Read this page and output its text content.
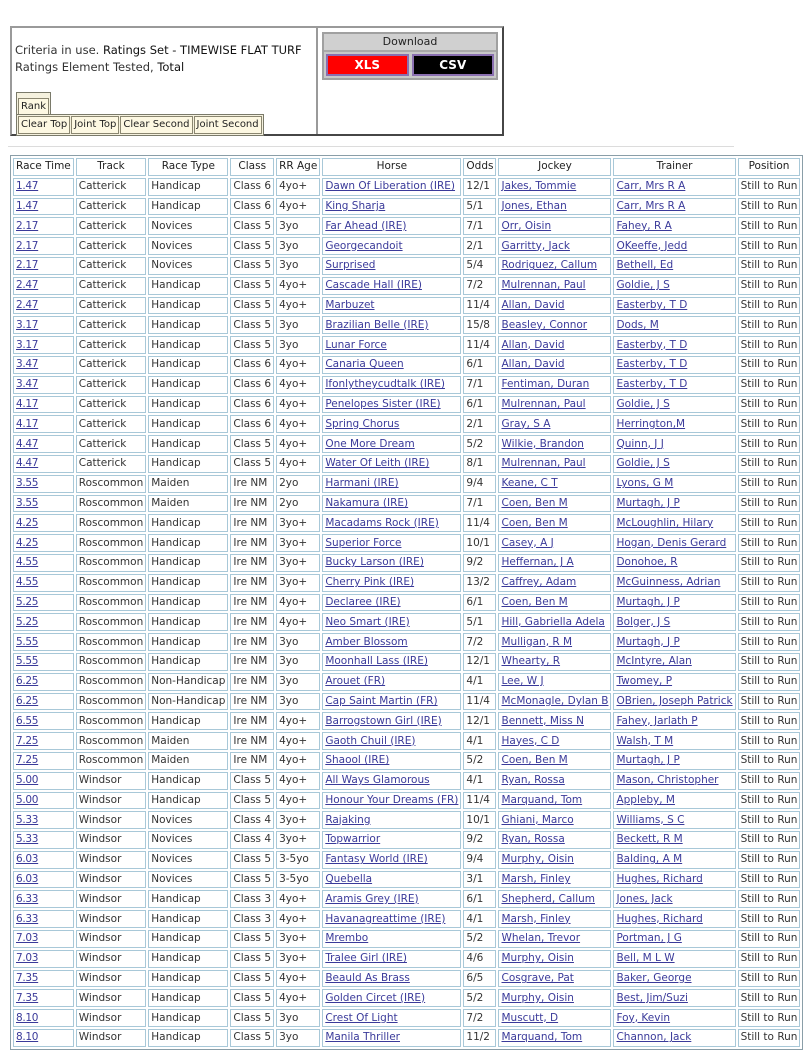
Criteria in use. Ratings Set - TIMEWISE FLAT TURF
Ratings Element Tested, Total
Rank
Clear Top Joint Top Clear Second Joint Second
Download
XLS	CSV
Race Time	Track	Race Type	Class	RR Age	Horse	Odds	Jockey	Trainer	Position
1.47	Catterick	Handicap	Class 6	4yo+	Dawn Of Liberation (IRE)	12/1	Jakes, Tommie	Carr, Mrs R A	Still to Run
1.47	Catterick	Handicap	Class 6	4yo+	King Sharja	5/1	Jones, Ethan	Carr, Mrs R A	Still to Run
2.17	Catterick	Novices	Class 5	3yo	Far Ahead (IRE)	7/1	Orr, Oisin	Fahey, R A	Still to Run
2.17	Catterick	Novices	Class 5	3yo	Georgecandoit	2/1	Garritty, Jack	OKeeffe, Jedd	Still to Run
2.17	Catterick	Novices	Class 5	3yo	Surprised	5/4	Rodriguez, Callum	Bethell, Ed	Still to Run
2.47	Catterick	Handicap	Class 5	4yo+	Cascade Hall (IRE)	7/2	Mulrennan, Paul	Goldie, J S	Still to Run
2.47	Catterick	Handicap	Class 5	4yo+	Marbuzet	11/4	Allan, David	Easterby, T D	Still to Run
3.17	Catterick	Handicap	Class 5	3yo	Brazilian Belle (IRE)	15/8	Beasley, Connor	Dods, M	Still to Run
3.17	Catterick	Handicap	Class 5	3yo	Lunar Force	11/4	Allan, David	Easterby, T D	Still to Run
3.47	Catterick	Handicap	Class 6	4yo+	Canaria Queen	6/1	Allan, David	Easterby, T D	Still to Run
3.47	Catterick	Handicap	Class 6	4yo+	Ifonlytheycudtalk (IRE)	7/1	Fentiman, Duran	Easterby, T D	Still to Run
4.17	Catterick	Handicap	Class 6	4yo+	Penelopes Sister (IRE)	6/1	Mulrennan, Paul	Goldie, J S	Still to Run
4.17	Catterick	Handicap	Class 6	4yo+	Spring Chorus	2/1	Gray, S A	Herrington,M	Still to Run
4.47	Catterick	Handicap	Class 5	4yo+	One More Dream	5/2	Wilkie, Brandon	Quinn, J J	Still to Run
4.47	Catterick	Handicap	Class 5	4yo+	Water Of Leith (IRE)	8/1	Mulrennan, Paul	Goldie, J S	Still to Run
3.55	Roscommon	Maiden	Ire NM	2yo	Harmani (IRE)	9/4	Keane, C T	Lyons, G M	Still to Run
3.55	Roscommon	Maiden	Ire NM	2yo	Nakamura (IRE)	7/1	Coen, Ben M	Murtagh, J P	Still to Run
4.25	Roscommon	Handicap	Ire NM	3yo+	Macadams Rock (IRE)	11/4	Coen, Ben M	McLoughlin, Hilary	Still to Run
4.25	Roscommon	Handicap	Ire NM	3yo+	Superior Force	10/1	Casey, A J	Hogan, Denis Gerard	Still to Run
4.55	Roscommon	Handicap	Ire NM	3yo+	Bucky Larson (IRE)	9/2	Heffernan, J A	Donohoe, R	Still to Run
4.55	Roscommon	Handicap	Ire NM	3yo+	Cherry Pink (IRE)	13/2	Caffrey, Adam	McGuinness, Adrian	Still to Run
5.25	Roscommon	Handicap	Ire NM	4yo+	Declaree (IRE)	6/1	Coen, Ben M	Murtagh, J P	Still to Run
5.25	Roscommon	Handicap	Ire NM	4yo+	Neo Smart (IRE)	5/1	Hill, Gabriella Adela	Bolger, J S	Still to Run
5.55	Roscommon	Handicap	Ire NM	3yo	Amber Blossom	7/2	Mulligan, R M	Murtagh, J P	Still to Run
5.55	Roscommon	Handicap	Ire NM	3yo	Moonhall Lass (IRE)	12/1	Whearty, R	McIntyre, Alan	Still to Run
6.25	Roscommon	Non-Handicap	Ire NM	3yo	Arouet (FR)	4/1	Lee, W J	Twomey, P	Still to Run
6.25	Roscommon	Non-Handicap	Ire NM	3yo	Cap Saint Martin (FR)	11/4	McMonagle, Dylan B	OBrien, Joseph Patrick	Still to Run
6.55	Roscommon	Handicap	Ire NM	4yo+	Barrogstown Girl (IRE)	12/1	Bennett, Miss N	Fahey, Jarlath P	Still to Run
7.25	Roscommon	Maiden	Ire NM	4yo+	Gaoth Chuil (IRE)	4/1	Hayes, C D	Walsh, T M	Still to Run
7.25	Roscommon	Maiden	Ire NM	4yo+	Shaool (IRE)	5/2	Coen, Ben M	Murtagh, J P	Still to Run
5.00	Windsor	Handicap	Class 5	4yo+	All Ways Glamorous	4/1	Ryan, Rossa	Mason, Christopher	Still to Run
5.00	Windsor	Handicap	Class 5	4yo+	Honour Your Dreams (FR)	11/4	Marquand, Tom	Appleby, M	Still to Run
5.33	Windsor	Novices	Class 4	3yo+	Rajaking	10/1	Ghiani, Marco	Williams, S C	Still to Run
5.33	Windsor	Novices	Class 4	3yo+	Topwarrior	9/2	Ryan, Rossa	Beckett, R M	Still to Run
6.03	Windsor	Novices	Class 5	3-5yo	Fantasy World (IRE)	9/4	Murphy, Oisin	Balding, A M	Still to Run
6.03	Windsor	Novices	Class 5	3-5yo	Quebella	3/1	Marsh, Finley	Hughes, Richard	Still to Run
6.33	Windsor	Handicap	Class 3	4yo+	Aramis Grey (IRE)	6/1	Shepherd, Callum	Jones, Jack	Still to Run
6.33	Windsor	Handicap	Class 3	4yo+	Havanagreattime (IRE)	4/1	Marsh, Finley	Hughes, Richard	Still to Run
7.03	Windsor	Handicap	Class 5	3yo+	Mrembo	5/2	Whelan, Trevor	Portman, J G	Still to Run
7.03	Windsor	Handicap	Class 5	3yo+	Tralee Girl (IRE)	4/6	Murphy, Oisin	Bell, M L W	Still to Run
7.35	Windsor	Handicap	Class 5	4yo+	Beauld As Brass	6/5	Cosgrave, Pat	Baker, George	Still to Run
7.35	Windsor	Handicap	Class 5	4yo+	Golden Circet (IRE)	5/2	Murphy, Oisin	Best, Jim/Suzi	Still to Run
8.10	Windsor	Handicap	Class 5	3yo	Crest Of Light	7/2	Muscutt, D	Foy, Kevin	Still to Run
8.10	Windsor	Handicap	Class 5	3yo	Manila Thriller	11/2	Marquand, Tom	Channon, Jack	Still to Run
